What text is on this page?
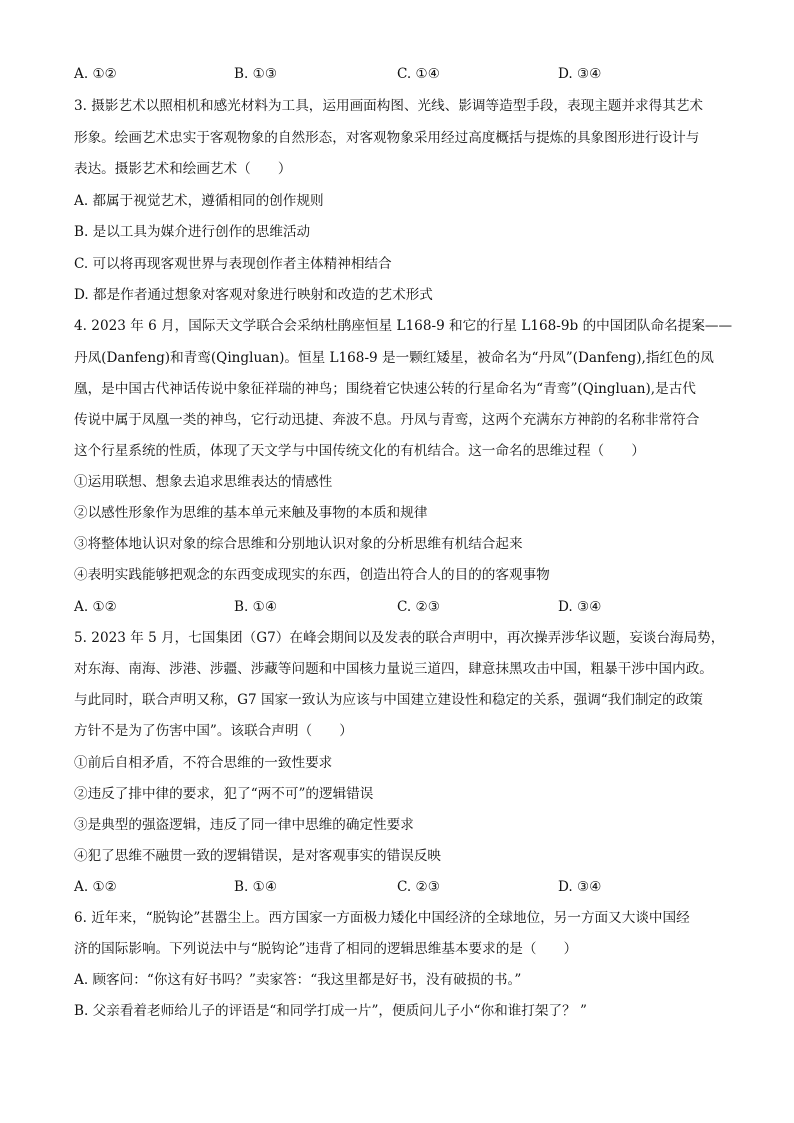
A. ①②	B. ①③	C. ①④	D. ③④
3. 摄影艺术以照相机和感光材料为工具，运用画面构图、光线、影调等造型手段，表现主题并求得其艺术
形象。绘画艺术忠实于客观物象的自然形态，对客观物象采用经过高度概括与提炼的具象图形进行设计与
表达。摄影艺术和绘画艺术（　　）
A. 都属于视觉艺术，遵循相同的创作规则
B. 是以工具为媒介进行创作的思维活动
C. 可以将再现客观世界与表现创作者主体精神相结合
D. 都是作者通过想象对客观对象进行映射和改造的艺术形式
4. 2023 年 6 月，国际天文学联合会采纳杜鹃座恒星 L168-9 和它的行星 L168-9b 的中国团队命名提案——
丹凤(Danfeng)和青鸾(Qingluan)。恒星 L168-9 是一颗红矮星，被命名为“丹凤”(Danfeng),指红色的凤
凰，是中国古代神话传说中象征祥瑞的神鸟；围绕着它快速公转的行星命名为“青鸾”(Qingluan),是古代
传说中属于凤凰一类的神鸟，它行动迅捷、奔波不息。丹凤与青鸾，这两个充满东方神韵的名称非常符合
这个行星系统的性质，体现了天文学与中国传统文化的有机结合。这一命名的思维过程（　　）
①运用联想、想象去追求思维表达的情感性
②以感性形象作为思维的基本单元来触及事物的本质和规律
③将整体地认识对象的综合思维和分别地认识对象的分析思维有机结合起来
④表明实践能够把观念的东西变成现实的东西，创造出符合人的目的的客观事物
A. ①②	B. ①④	C. ②③	D. ③④
5. 2023 年 5 月，七国集团（G7）在峰会期间以及发表的联合声明中，再次操弄涉华议题，妄谈台海局势，
对东海、南海、涉港、涉疆、涉藏等问题和中国核力量说三道四，肆意抹黑攻击中国，粗暴干涉中国内政。
与此同时，联合声明又称，G7 国家一致认为应该与中国建立建设性和稳定的关系，强调“我们制定的政策
方针不是为了伤害中国”。该联合声明（　　）
①前后自相矛盾，不符合思维的一致性要求
②违反了排中律的要求，犯了“两不可”的逻辑错误
③是典型的强盗逻辑，违反了同一律中思维的确定性要求
④犯了思维不融贯一致的逻辑错误，是对客观事实的错误反映
A. ①②	B. ①④	C. ②③	D. ③④
6. 近年来，“脱钩论”甚嚣尘上。西方国家一方面极力矮化中国经济的全球地位，另一方面又大谈中国经
济的国际影响。下列说法中与“脱钩论”违背了相同的逻辑思维基本要求的是（　　）
A. 顾客问：“你这有好书吗？”卖家答：“我这里都是好书，没有破损的书。”
B. 父亲看着老师给儿子的评语是“和同学打成一片”，便质问儿子小“你和谁打架了？ ”
